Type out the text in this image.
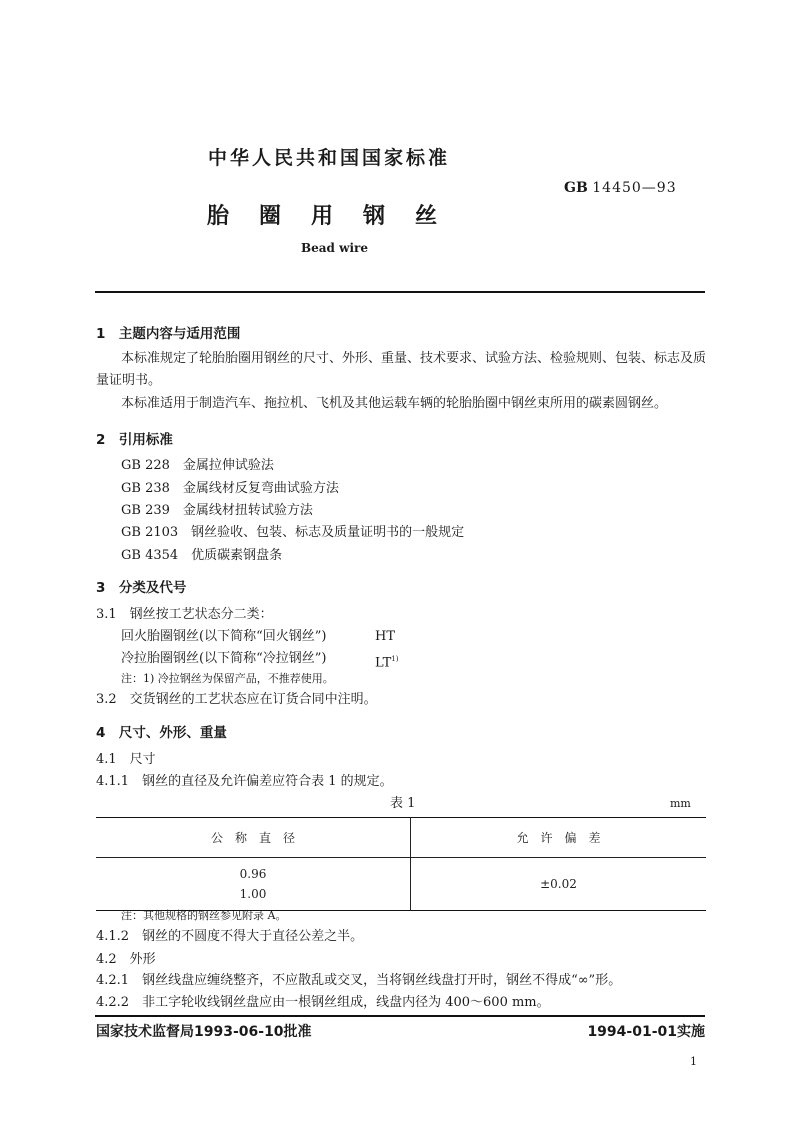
中华人民共和国国家标准
胎　圈　用　钢　丝
Bead wire
GB 14450—93
1　主题内容与适用范围
本标准规定了轮胎胎圈用钢丝的尺寸、外形、重量、技术要求、试验方法、检验规则、包装、标志及质
量证明书。
本标准适用于制造汽车、拖拉机、飞机及其他运载车辆的轮胎胎圈中钢丝束所用的碳素圆钢丝。
2　引用标准
GB 228　金属拉伸试验法
GB 238　金属线材反复弯曲试验方法
GB 239　金属线材扭转试验方法
GB 2103　钢丝验收、包装、标志及质量证明书的一般规定
GB 4354　优质碳素钢盘条
3　分类及代号
3.1　钢丝按工艺状态分二类：
回火胎圈钢丝(以下简称“回火钢丝”)	HT
冷拉胎圈钢丝(以下简称“冷拉钢丝”)	LT$^{1)}$
注：1) 冷拉钢丝为保留产品，不推荐使用。
3.2　交货钢丝的工艺状态应在订货合同中注明。
4　尺寸、外形、重量
4.1　尺寸
4.1.1　钢丝的直径及允许偏差应符合表 1 的规定。
表 1	mm
公　称　直　径	允　许　偏　差

0.96
1.00	±0.02
注：其他规格的钢丝参见附录 A。
4.1.2　钢丝的不圆度不得大于直径公差之半。
4.2　外形
4.2.1　钢丝线盘应缠绕整齐，不应散乱或交叉，当将钢丝线盘打开时，钢丝不得成“∞”形。
4.2.2　非工字轮收线钢丝盘应由一根钢丝组成，线盘内径为 400～600 mm。
国家技术监督局1993-06-10批准	1994-01-01实施
1
